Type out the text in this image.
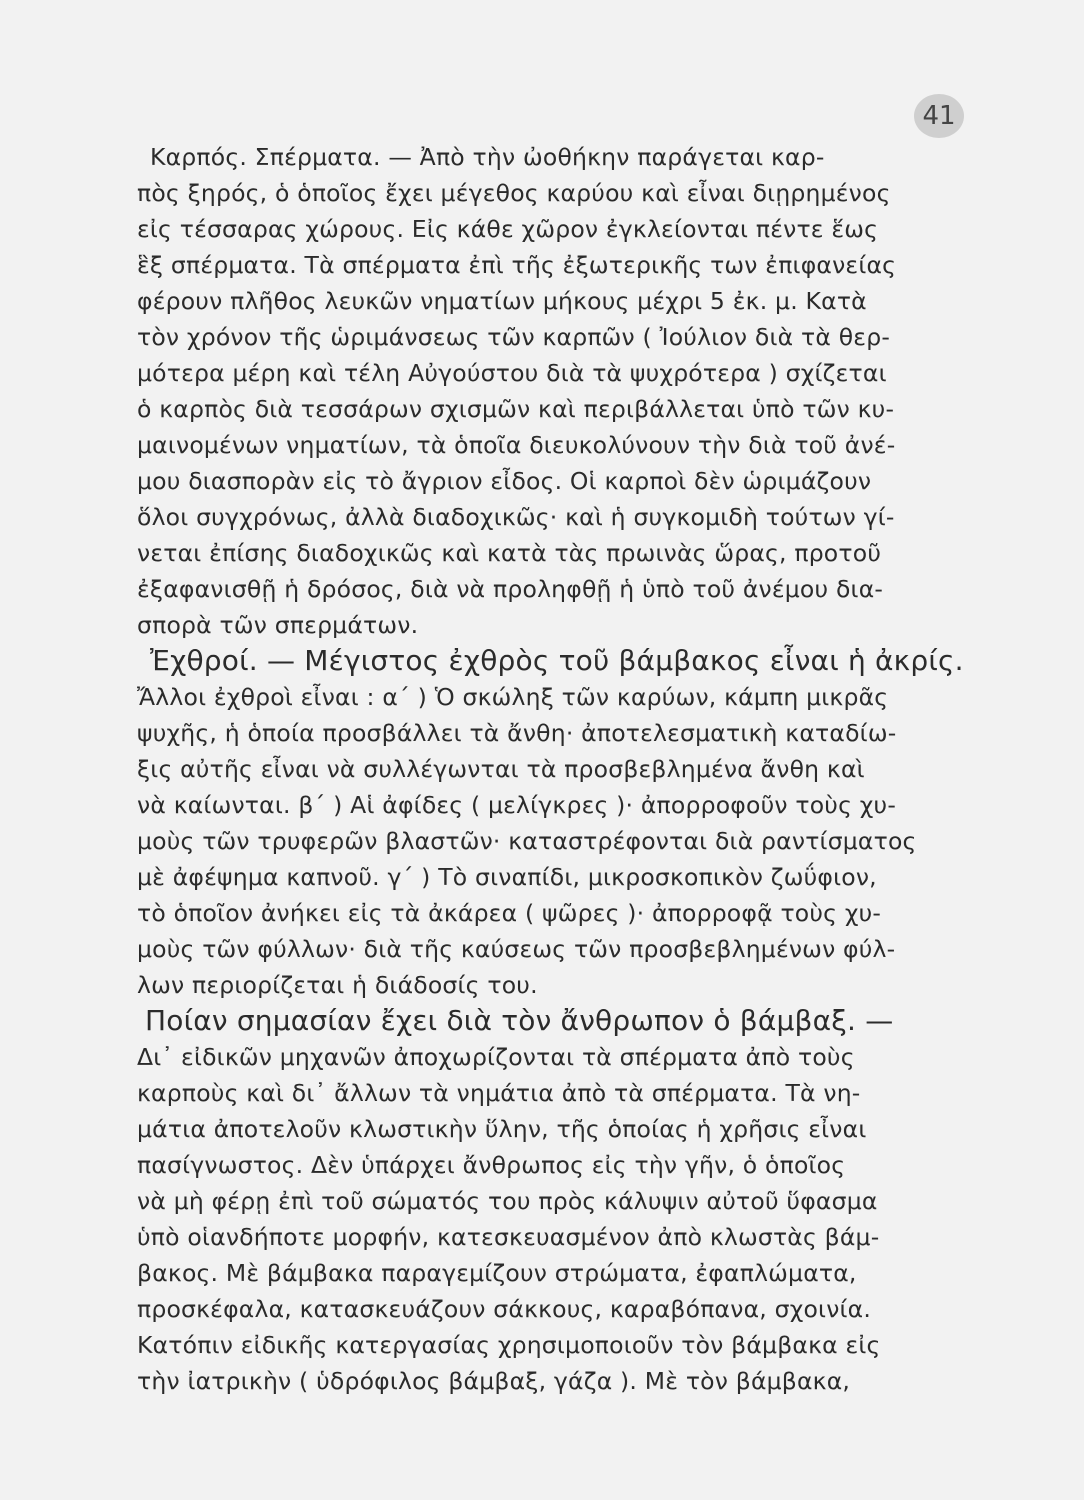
41
Καρπός. Σπέρματα. — Ἀπὸ τὴν ὠοθήκην παράγεται καρ-
πὸς ξηρός, ὁ ὁποῖος ἔχει μέγεθος καρύου καὶ εἶναι διῃρημένος
εἰς τέσσαρας χώρους. Εἰς κάθε χῶρον ἐγκλείονται πέντε ἕως
ἓξ σπέρματα. Τὰ σπέρματα ἐπὶ τῆς ἐξωτερικῆς των ἐπιφανείας
φέρουν πλῆθος λευκῶν νηματίων μήκους μέχρι 5 ἐκ. μ. Κατὰ
τὸν χρόνον τῆς ὡριμάνσεως τῶν καρπῶν ( Ἰούλιον διὰ τὰ θερ-
μότερα μέρη καὶ τέλη Αὐγούστου διὰ τὰ ψυχρότερα ) σχίζεται
ὁ καρπὸς διὰ τεσσάρων σχισμῶν καὶ περιβάλλεται ὑπὸ τῶν κυ-
μαινομένων νηματίων, τὰ ὁποῖα διευκολύνουν τὴν διὰ τοῦ ἀνέ-
μου διασπορὰν εἰς τὸ ἄγριον εἶδος. Οἱ καρποὶ δὲν ὡριμάζουν
ὅλοι συγχρόνως, ἀλλὰ διαδοχικῶς· καὶ ἡ συγκομιδὴ τούτων γί-
νεται ἐπίσης διαδοχικῶς καὶ κατὰ τὰς πρωινὰς ὥρας, προτοῦ
ἐξαφανισθῇ ἡ δρόσος, διὰ νὰ προληφθῇ ἡ ὑπὸ τοῦ ἀνέμου δια-
σπορὰ τῶν σπερμάτων.
Ἐχθροί. — Μέγιστος ἐχθρὸς τοῦ βάμβακος εἶναι ἡ ἀκρίς.
Ἄλλοι ἐχθροὶ εἶναι : α΄ ) Ὁ σκώληξ τῶν καρύων, κάμπη μικρᾶς
ψυχῆς, ἡ ὁποία προσβάλλει τὰ ἄνθη· ἀποτελεσματικὴ καταδίω-
ξις αὐτῆς εἶναι νὰ συλλέγωνται τὰ προσβεβλημένα ἄνθη καὶ
νὰ καίωνται. β΄ ) Αἱ ἀφίδες ( μελίγκρες )· ἀπορροφοῦν τοὺς χυ-
μοὺς τῶν τρυφερῶν βλαστῶν· καταστρέφονται διὰ ραντίσματος
μὲ ἀφέψημα καπνοῦ. γ΄ ) Τὸ σιναπίδι, μικροσκοπικὸν ζωΰφιον,
τὸ ὁποῖον ἀνήκει εἰς τὰ ἀκάρεα ( ψῶρες )· ἀπορροφᾷ τοὺς χυ-
μοὺς τῶν φύλλων· διὰ τῆς καύσεως τῶν προσβεβλημένων φύλ-
λων περιορίζεται ἡ διάδοσίς του.
Ποίαν σημασίαν ἔχει διὰ τὸν ἄνθρωπον ὁ βάμβαξ. —
Δι᾿ εἰδικῶν μηχανῶν ἀποχωρίζονται τὰ σπέρματα ἀπὸ τοὺς
καρποὺς καὶ δι᾿ ἄλλων τὰ νημάτια ἀπὸ τὰ σπέρματα. Τὰ νη-
μάτια ἀποτελοῦν κλωστικὴν ὕλην, τῆς ὁποίας ἡ χρῆσις εἶναι
πασίγνωστος. Δὲν ὑπάρχει ἄνθρωπος εἰς τὴν γῆν, ὁ ὁποῖος
νὰ μὴ φέρῃ ἐπὶ τοῦ σώματός του πρὸς κάλυψιν αὐτοῦ ὕφασμα
ὑπὸ οἱανδήποτε μορφήν, κατεσκευασμένον ἀπὸ κλωστὰς βάμ-
βακος. Μὲ βάμβακα παραγεμίζουν στρώματα, ἐφαπλώματα,
προσκέφαλα, κατασκευάζουν σάκκους, καραβόπανα, σχοινία.
Κατόπιν εἰδικῆς κατεργασίας χρησιμοποιοῦν τὸν βάμβακα εἰς
τὴν ἰατρικὴν ( ὑδρόφιλος βάμβαξ, γάζα ). Μὲ τὸν βάμβακα,
